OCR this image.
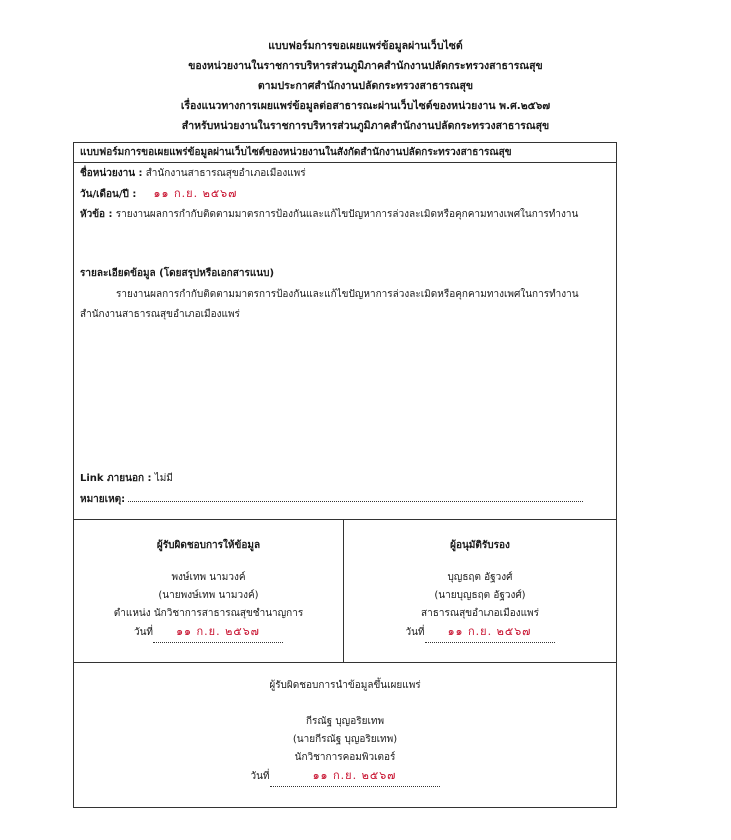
แบบฟอร์มการขอเผยแพร่ข้อมูลผ่านเว็บไซต์
ของหน่วยงานในราชการบริหารส่วนภูมิภาคสำนักงานปลัดกระทรวงสาธารณสุข
ตามประกาศสำนักงานปลัดกระทรวงสาธารณสุข
เรื่องแนวทางการเผยแพร่ข้อมูลต่อสาธารณะผ่านเว็บไซต์ของหน่วยงาน พ.ศ.๒๕๖๗
สำหรับหน่วยงานในราชการบริหารส่วนภูมิภาคสำนักงานปลัดกระทรวงสาธารณสุข
แบบฟอร์มการขอเผยแพร่ข้อมูลผ่านเว็บไซต์ของหน่วยงานในสังกัดสำนักงานปลัดกระทรวงสาธารณสุข
ชื่อหน่วยงาน : สำนักงานสาธารณสุขอำเภอเมืองแพร่
วัน/เดือน/ปี : ๑๑ ก.ย. ๒๕๖๗
หัวข้อ : รายงานผลการกำกับติดตามมาตรการป้องกันและแก้ไขปัญหาการล่วงละเมิดหรือคุกคามทางเพศในการทำงาน
รายละเอียดข้อมูล (โดยสรุปหรือเอกสารแนบ)
รายงานผลการกำกับติดตามมาตรการป้องกันและแก้ไขปัญหาการล่วงละเมิดหรือคุกคามทางเพศในการทำงาน สำนักงานสาธารณสุขอำเภอเมืองแพร่
Link ภายนอก : ไม่มี
หมายเหตุ:
ผู้รับผิดชอบการให้ข้อมูล
พงษ์เทพ นามวงค์
(นายพงษ์เทพ นามวงค์)
ตำแหน่ง นักวิชาการสาธารณสุขชำนาญการ
วันที่ ๑๑ ก.ย. ๒๕๖๗
ผู้อนุมัติรับรอง
บุญธฤต อัฐวงศ์
(นายบุญธฤต อัฐวงศ์)
สาธารณสุขอำเภอเมืองแพร่
วันที่ ๑๑ ก.ย. ๒๕๖๗
ผู้รับผิดชอบการนำข้อมูลขึ้นเผยแพร่
กีรณัฐ บุญอริยเทพ
(นายกีรณัฐ บุญอริยเทพ)
นักวิชาการคอมพิวเตอร์
วันที่	๑๑ ก.ย. ๒๕๖๗
